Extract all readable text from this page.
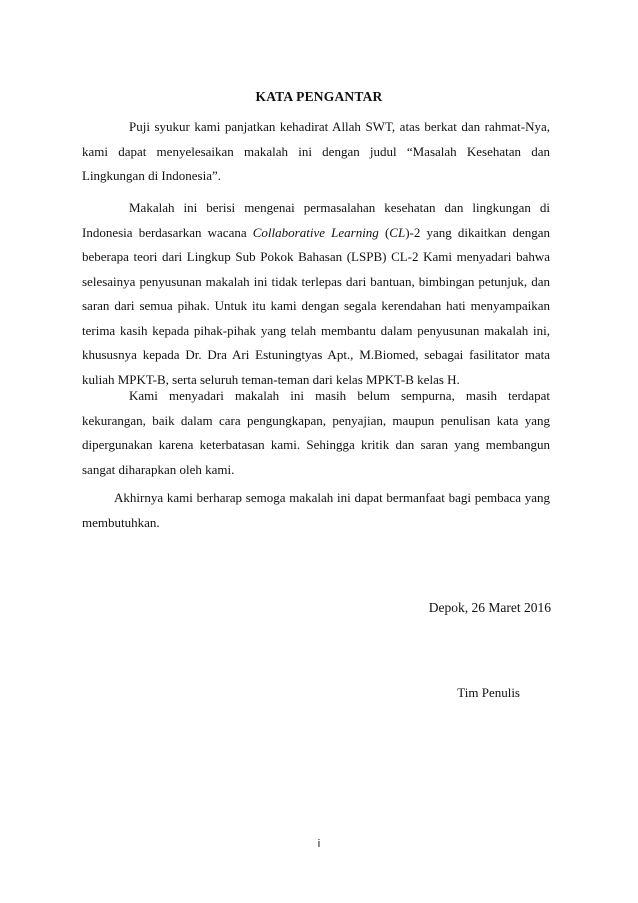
KATA PENGANTAR

Puji syukur kami panjatkan kehadirat Allah SWT, atas berkat dan rahmat-Nya, kami dapat menyelesaikan makalah ini dengan judul “Masalah Kesehatan dan Lingkungan di Indonesia”.

Makalah ini berisi mengenai permasalahan kesehatan dan lingkungan di Indonesia berdasarkan wacana Collaborative Learning (CL)-2 yang dikaitkan dengan beberapa teori dari Lingkup Sub Pokok Bahasan (LSPB) CL-2 Kami menyadari bahwa selesainya penyusunan makalah ini tidak terlepas dari bantuan, bimbingan petunjuk, dan saran dari semua pihak. Untuk itu kami dengan segala kerendahan hati menyampaikan terima kasih kepada pihak-pihak yang telah membantu dalam penyusunan makalah ini, khususnya kepada Dr. Dra Ari Estuningtyas Apt., M.Biomed, sebagai fasilitator mata kuliah MPKT-B, serta seluruh teman-teman dari kelas MPKT-B kelas H.

Kami menyadari makalah ini masih belum sempurna, masih terdapat kekurangan, baik dalam cara pengungkapan, penyajian, maupun penulisan kata yang dipergunakan karena keterbatasan kami. Sehingga kritik dan saran yang membangun sangat diharapkan oleh kami.

Akhirnya kami berharap semoga makalah ini dapat bermanfaat bagi pembaca yang membutuhkan.

Depok, 26 Maret 2016
Tim Penulis
i
